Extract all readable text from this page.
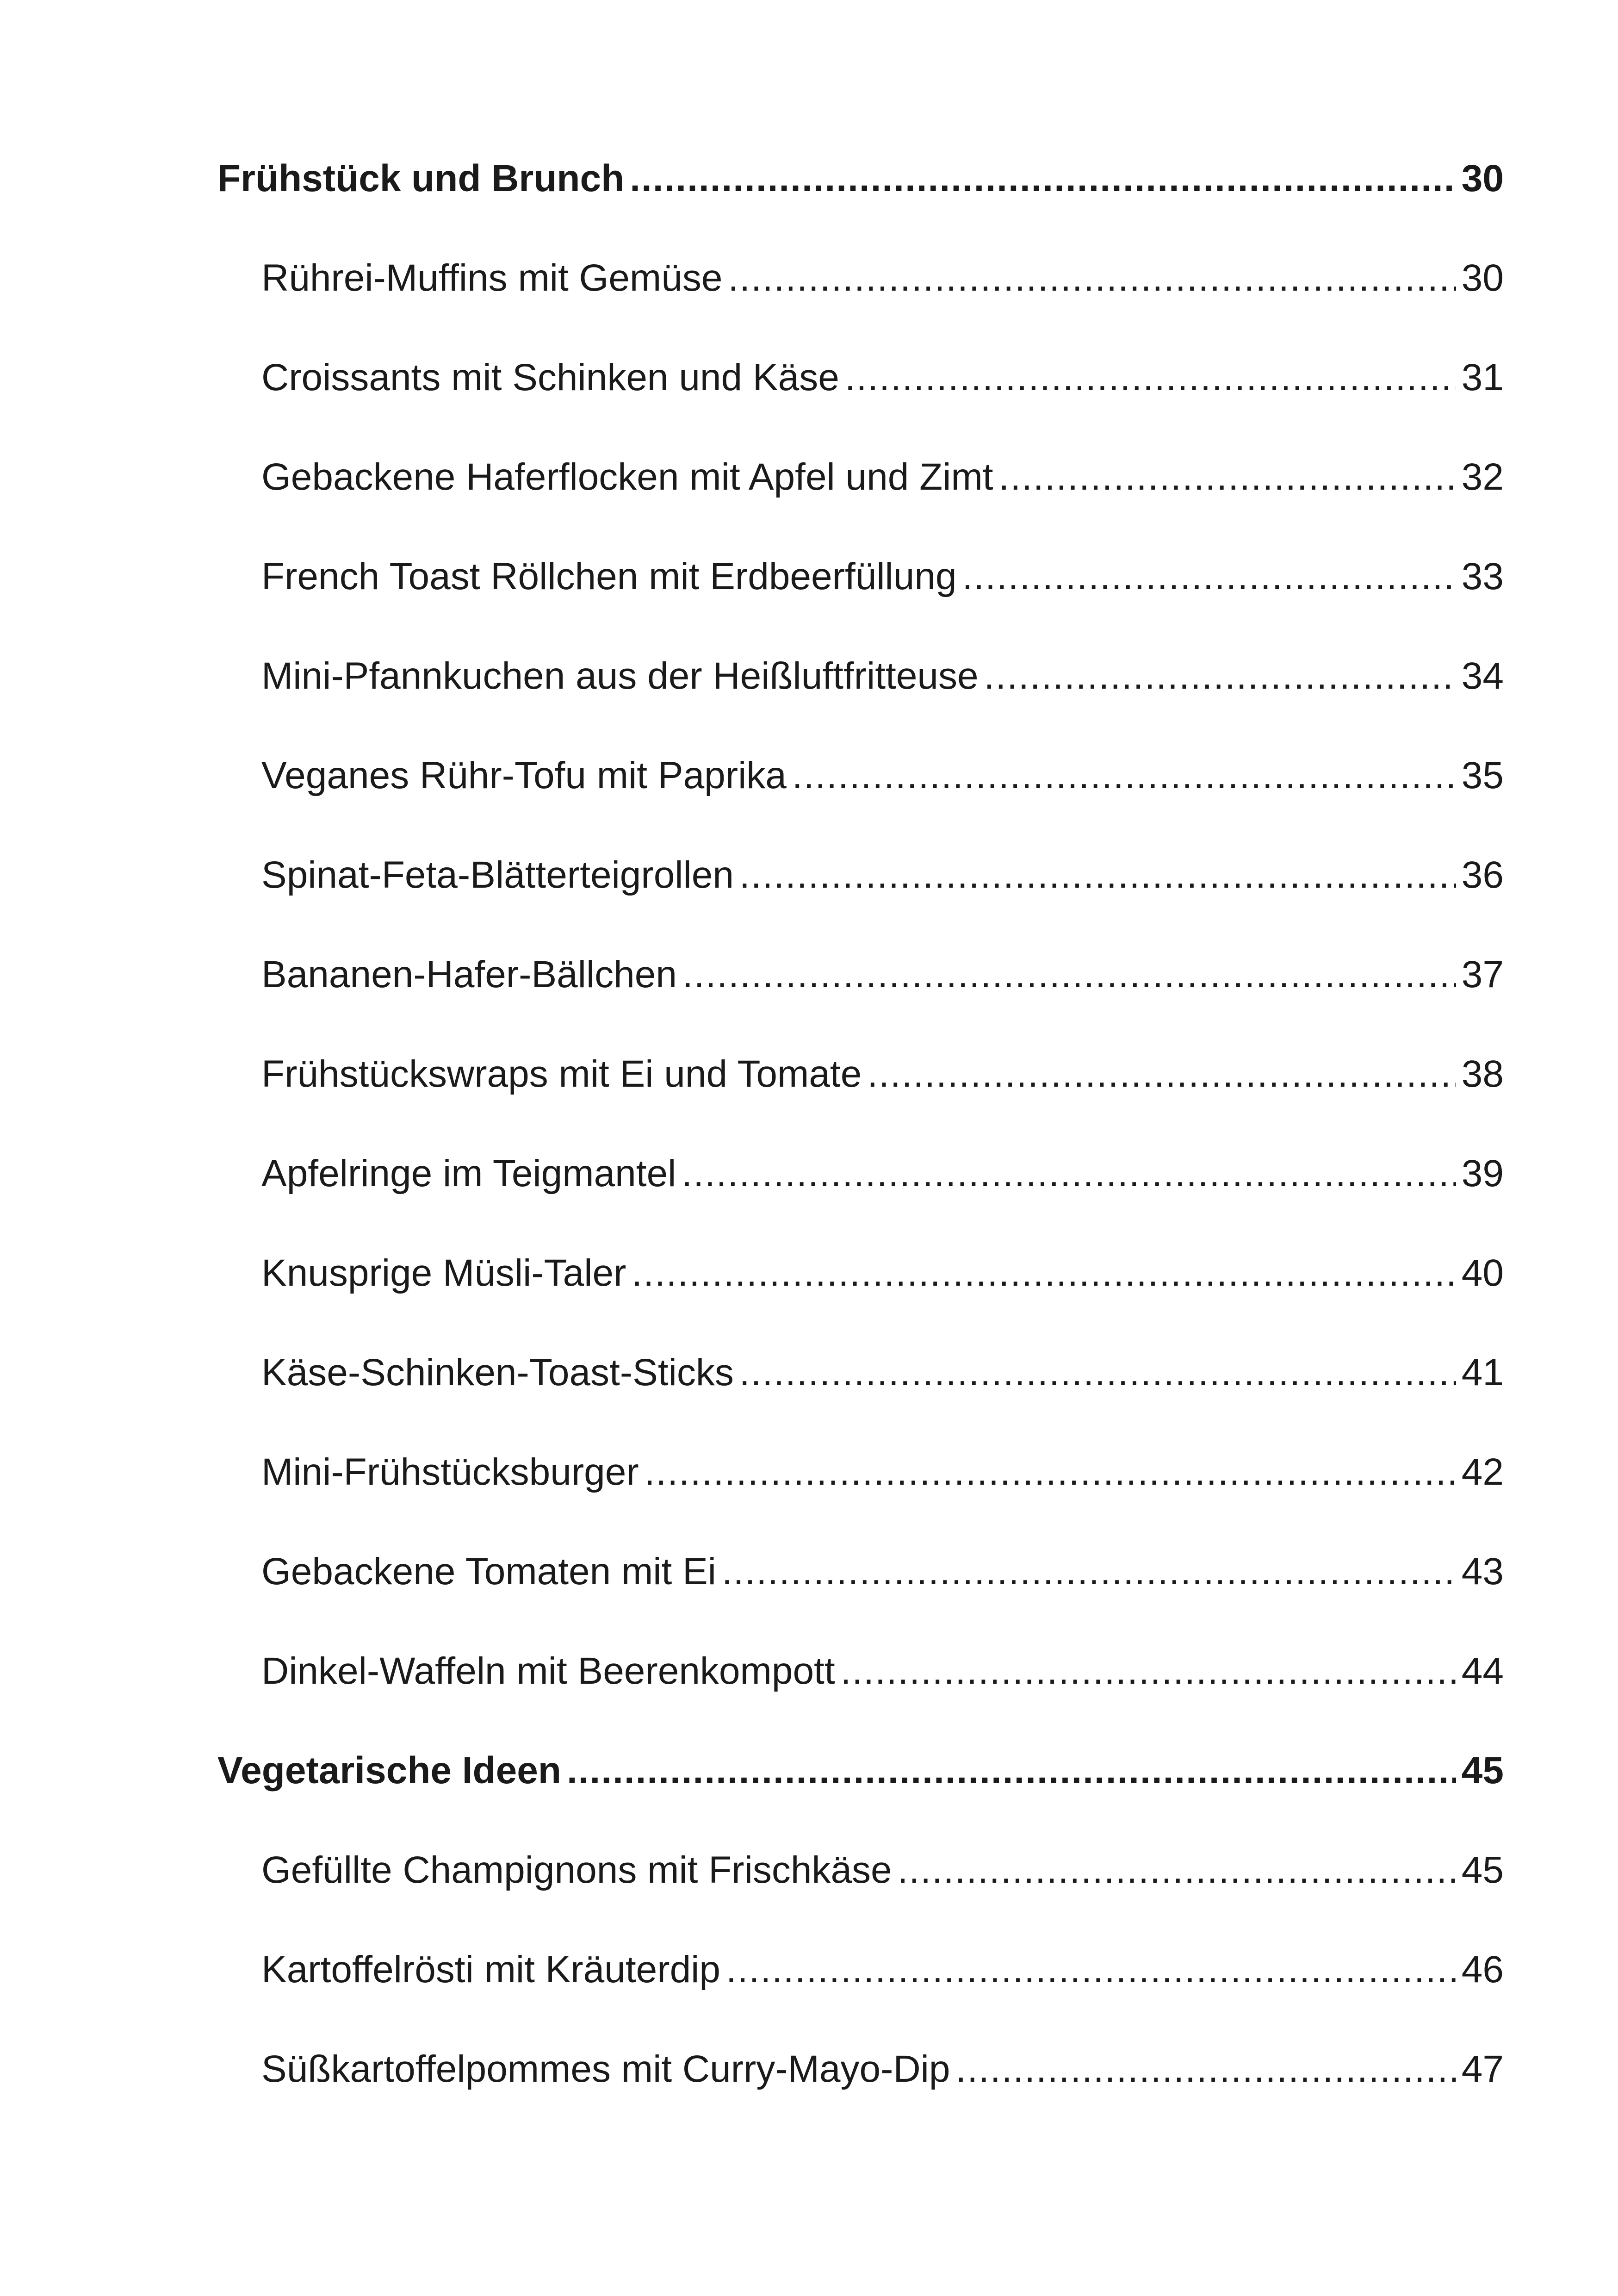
Frühstück und Brunch .....	30
Rührei-Muffins mit Gemüse .....	30
Croissants mit Schinken und Käse .....	31
Gebackene Haferflocken mit Apfel und Zimt .....	32
French Toast Röllchen mit Erdbeerfüllung .....	33
Mini-Pfannkuchen aus der Heißluftfritteuse .....	34
Veganes Rühr-Tofu mit Paprika .....	35
Spinat-Feta-Blätterteigrollen .....	36
Bananen-Hafer-Bällchen .....	37
Frühstückswraps mit Ei und Tomate .....	38
Apfelringe im Teigmantel .....	39
Knusprige Müsli-Taler .....	40
Käse-Schinken-Toast-Sticks .....	41
Mini-Frühstücksburger .....	42
Gebackene Tomaten mit Ei .....	43
Dinkel-Waffeln mit Beerenkompott .....	44
Vegetarische Ideen .....	45
Gefüllte Champignons mit Frischkäse .....	45
Kartoffelrösti mit Kräuterdip .....	46
Süßkartoffelpommes mit Curry-Mayo-Dip .....	47
